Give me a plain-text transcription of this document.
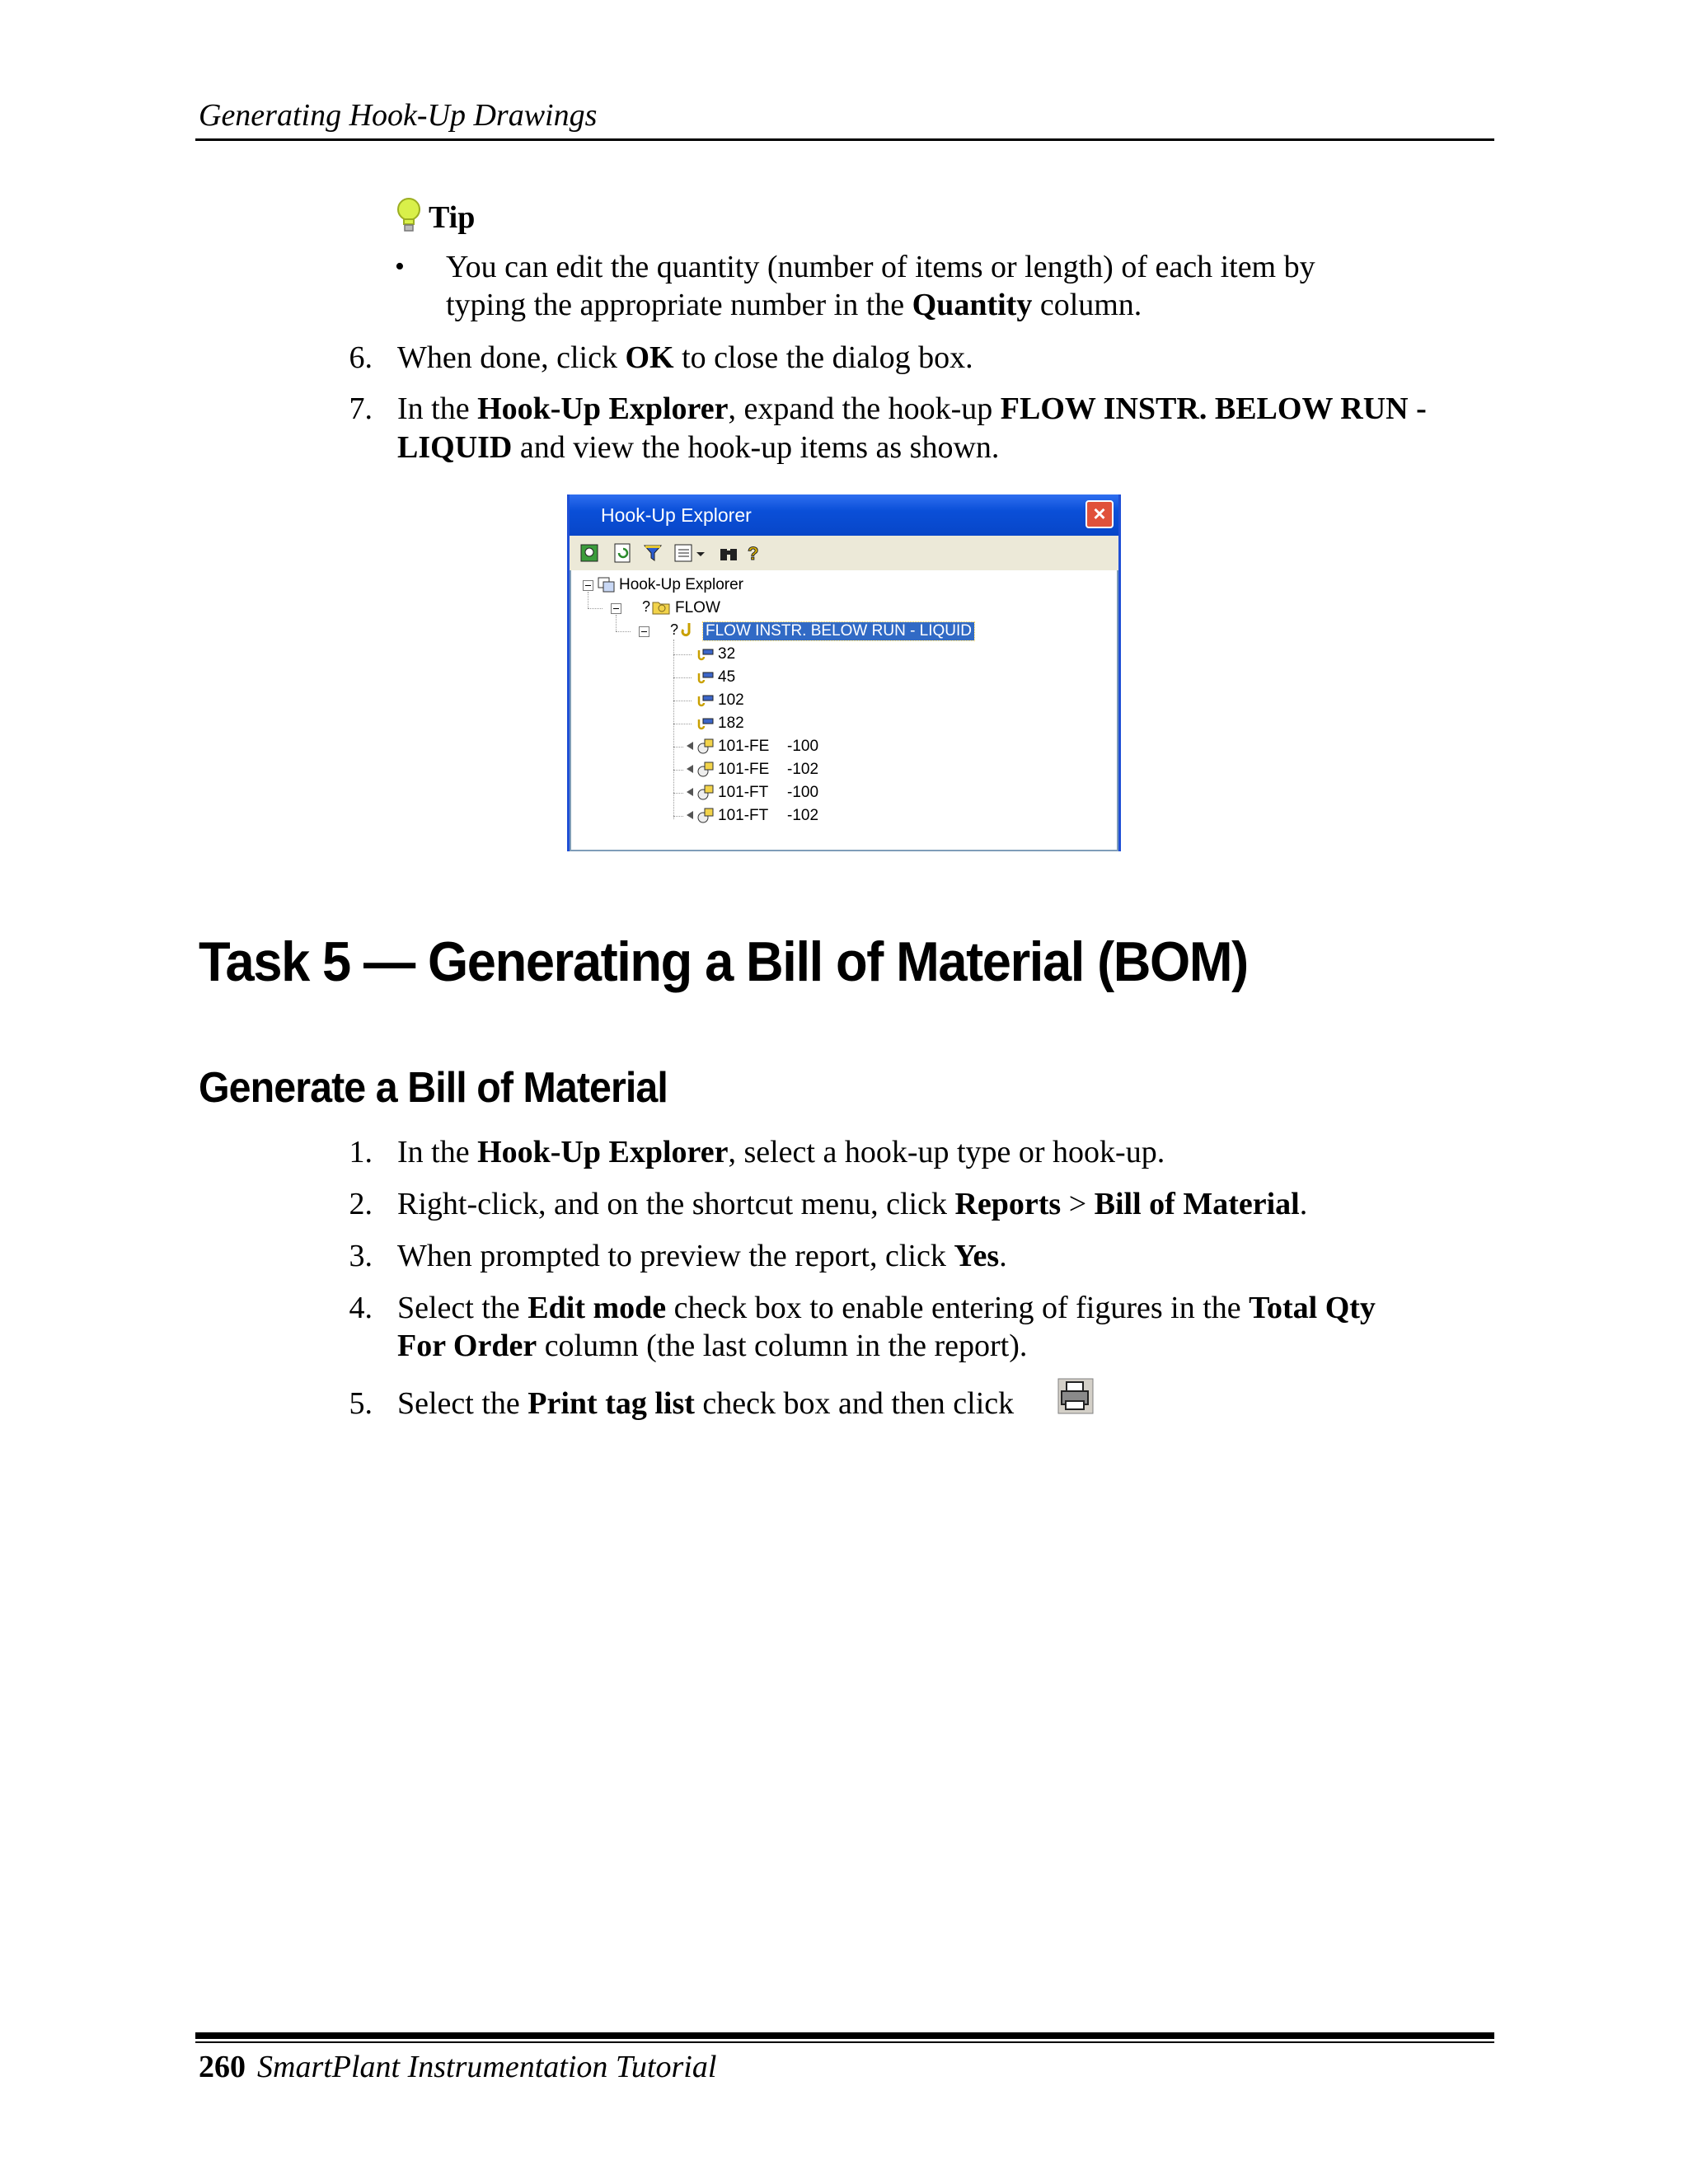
Generating Hook-Up Drawings
Tip
• You can edit the quantity (number of items or length) of each item by
typing the appropriate number in the Quantity column.
6. When done, click OK to close the dialog box.
7. In the Hook-Up Explorer, expand the hook-up FLOW INSTR. BELOW RUN -
LIQUID and view the hook-up items as shown.
Hook-Up Explorer	×
?
Hook-Up Explorer
? FLOW
? FLOW INSTR. BELOW RUN - LIQUID
32
45
102
182
101-FE -100
101-FE -102
101-FT -100
101-FT -102
Task 5 — Generating a Bill of Material (BOM)
Generate a Bill of Material
1. In the Hook-Up Explorer, select a hook-up type or hook-up.
2. Right-click, and on the shortcut menu, click Reports > Bill of Material.
3. When prompted to preview the report, click Yes.
4. Select the Edit mode check box to enable entering of figures in the Total Qty
For Order column (the last column in the report).
5. Select the Print tag list check box and then click
260 SmartPlant Instrumentation Tutorial
